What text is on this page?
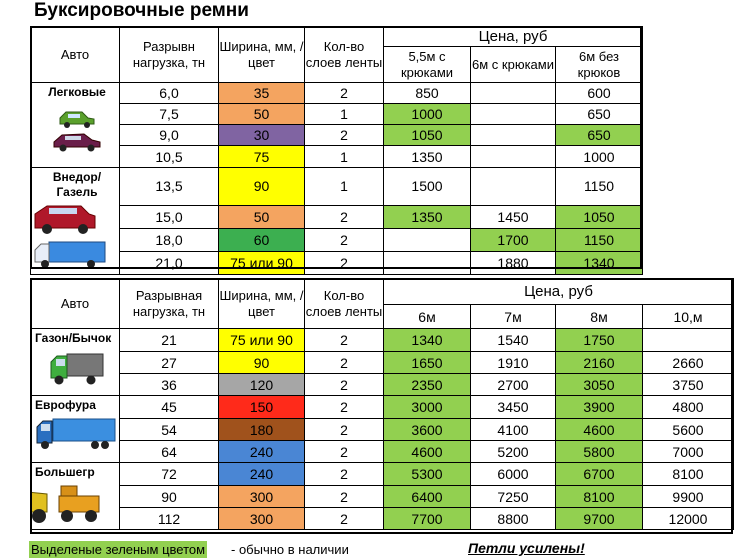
Буксировочные ремни
Авто	Разрывн нагрузка, тн	Ширина, мм, / цвет	Кол-во слоев ленты	Цена, руб		
				5,5м с крюками	6м с крюками	6м без крюков

Легковые	6,0	35	2	850		600
	7,5	50	1	1000		650
	9,0	30	2	1050		650
	10,5	75	1	1350		1000

Внедор/ Газель	13,5	90	1	1500		1150
	15,0	50	2	1350	1450	1050
	18,0	60	2		1700	1150
	21,0	75 или 90	2		1880	1340
Авто	Разрывная нагрузка, тн	Ширина, мм, / цвет	Кол-во слоев ленты	Цена, руб			
				6м	7м	8м	10,м

Газон/Бычок	21	75 или 90	2	1340	1540	1750	
	27	90	2	1650	1910	2160	2660
	36	120	2	2350	2700	3050	3750

Еврофура	45	150	2	3000	3450	3900	4800
	54	180	2	3600	4100	4600	5600
	64	240	2	4600	5200	5800	7000

Большегр	72	240	2	5300	6000	6700	8100
	90	300	2	6400	7250	8100	9900
	112	300	2	7700	8800	9700	12000
Выделеные зеленым цветом - обычно в наличии	Петли усилены!
